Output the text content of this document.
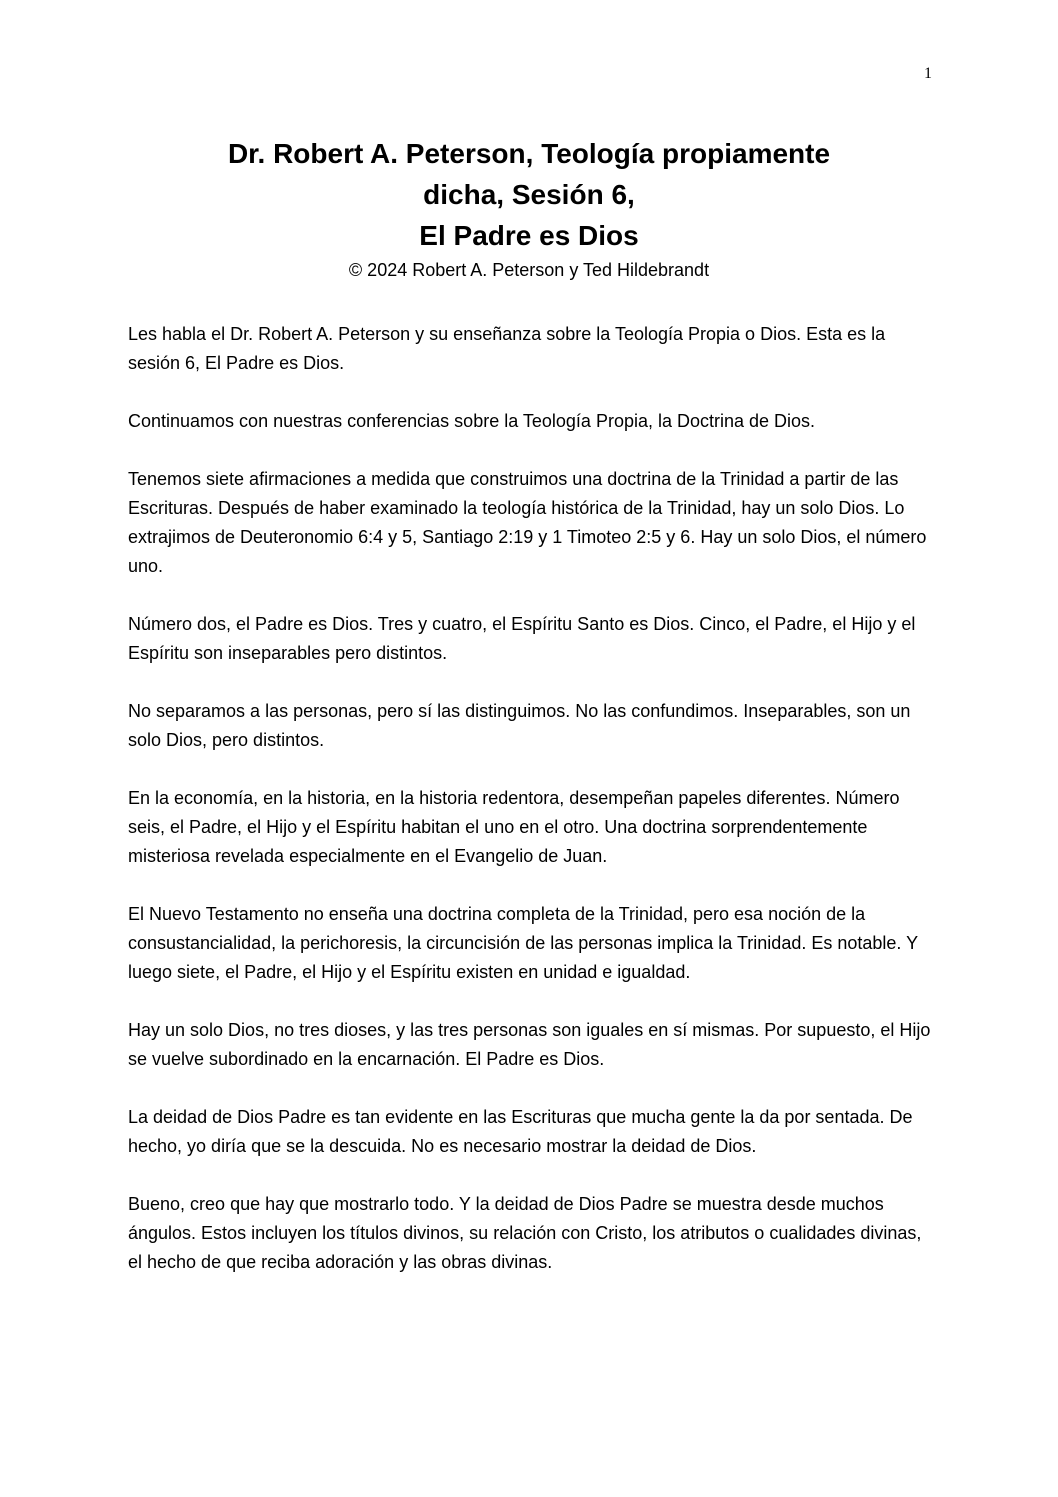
1

Dr. Robert A. Peterson, Teología propiamente

dicha, Sesión 6,

El Padre es Dios

© 2024 Robert A. Peterson y Ted Hildebrandt

Les habla el Dr. Robert A. Peterson y su enseñanza sobre la Teología Propia o Dios. Esta es la sesión 6, El Padre es Dios.

Continuamos con nuestras conferencias sobre la Teología Propia, la Doctrina de Dios.

Tenemos siete afirmaciones a medida que construimos una doctrina de la Trinidad a partir de las Escrituras. Después de haber examinado la teología histórica de la Trinidad, hay un solo Dios. Lo extrajimos de Deuteronomio 6:4 y 5, Santiago 2:19 y 1 Timoteo 2:5 y 6. Hay un solo Dios, el número uno.

Número dos, el Padre es Dios. Tres y cuatro, el Espíritu Santo es Dios. Cinco, el Padre, el Hijo y el Espíritu son inseparables pero distintos.

No separamos a las personas, pero sí las distinguimos. No las confundimos. Inseparables, son un solo Dios, pero distintos.

En la economía, en la historia, en la historia redentora, desempeñan papeles diferentes. Número seis, el Padre, el Hijo y el Espíritu habitan el uno en el otro. Una doctrina sorprendentemente misteriosa revelada especialmente en el Evangelio de Juan.

El Nuevo Testamento no enseña una doctrina completa de la Trinidad, pero esa noción de la consustancialidad, la perichoresis, la circuncisión de las personas implica la Trinidad. Es notable. Y luego siete, el Padre, el Hijo y el Espíritu existen en unidad e igualdad.

Hay un solo Dios, no tres dioses, y las tres personas son iguales en sí mismas. Por supuesto, el Hijo se vuelve subordinado en la encarnación. El Padre es Dios.

La deidad de Dios Padre es tan evidente en las Escrituras que mucha gente la da por sentada. De hecho, yo diría que se la descuida. No es necesario mostrar la deidad de Dios.

Bueno, creo que hay que mostrarlo todo. Y la deidad de Dios Padre se muestra desde muchos ángulos. Estos incluyen los títulos divinos, su relación con Cristo, los atributos o cualidades divinas, el hecho de que reciba adoración y las obras divinas.
